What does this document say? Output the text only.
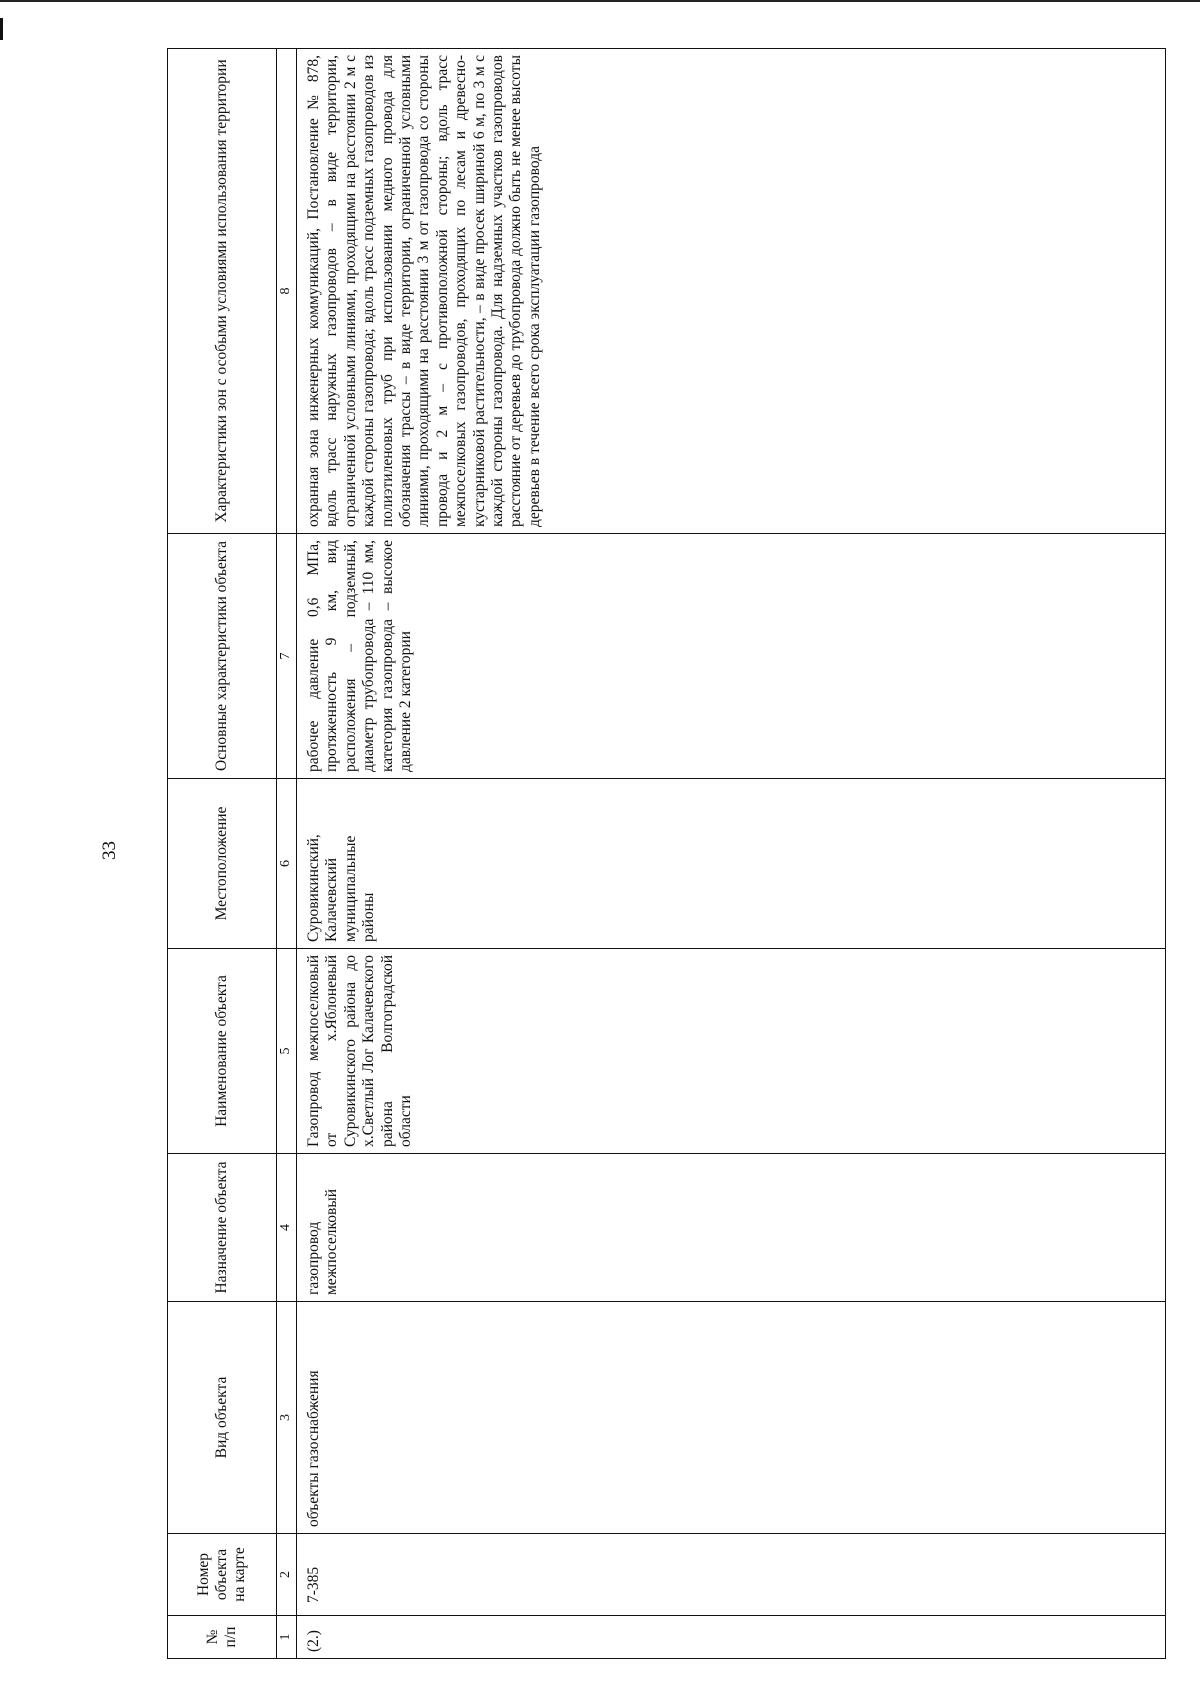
33
№ п/п	Номер объекта на карте	Вид объекта	Назначение объекта	Наименование объекта	Местоположение	Основные характеристики объекта	Характеристики зон с особыми условиями использования территории
1	2	3	4	5	6	7	8
(2.)	7-385	объекты газоснабжения	газопровод межпоселковый	Газопровод межпоселковый от х.Яблоневый Суровикинского района до х.Светлый Лог Калачевского района Волгоградской области	Суровикинский, Калачевский муниципальные районы	рабочее давление 0,6 МПа, протяженность 9 км, вид расположения – подземный, диаметр трубопровода – 110 мм, категория газопровода – высокое давление 2 категории	охранная зона инженерных коммуникаций, Постановление № 878, вдоль трасс наружных газопроводов – в виде территории, ограниченной условными линиями, проходящими на расстоянии 2 м с каждой стороны газопровода; вдоль трасс подземных газопроводов из полиэтиленовых труб при использовании медного провода для обозначения трассы – в виде территории, ограниченной условными линиями, проходящими на расстоянии 3 м от газопровода со стороны провода и 2 м – с противоположной стороны; вдоль трасс межпоселковых газопроводов, проходящих по лесам и древесно-кустарниковой растительности, – в виде просек шириной 6 м, по 3 м с каждой стороны газопровода. Для надземных участков газопроводов расстояние от деревьев до трубопровода должно быть не менее высоты деревьев в течение всего срока эксплуатации газопровода
